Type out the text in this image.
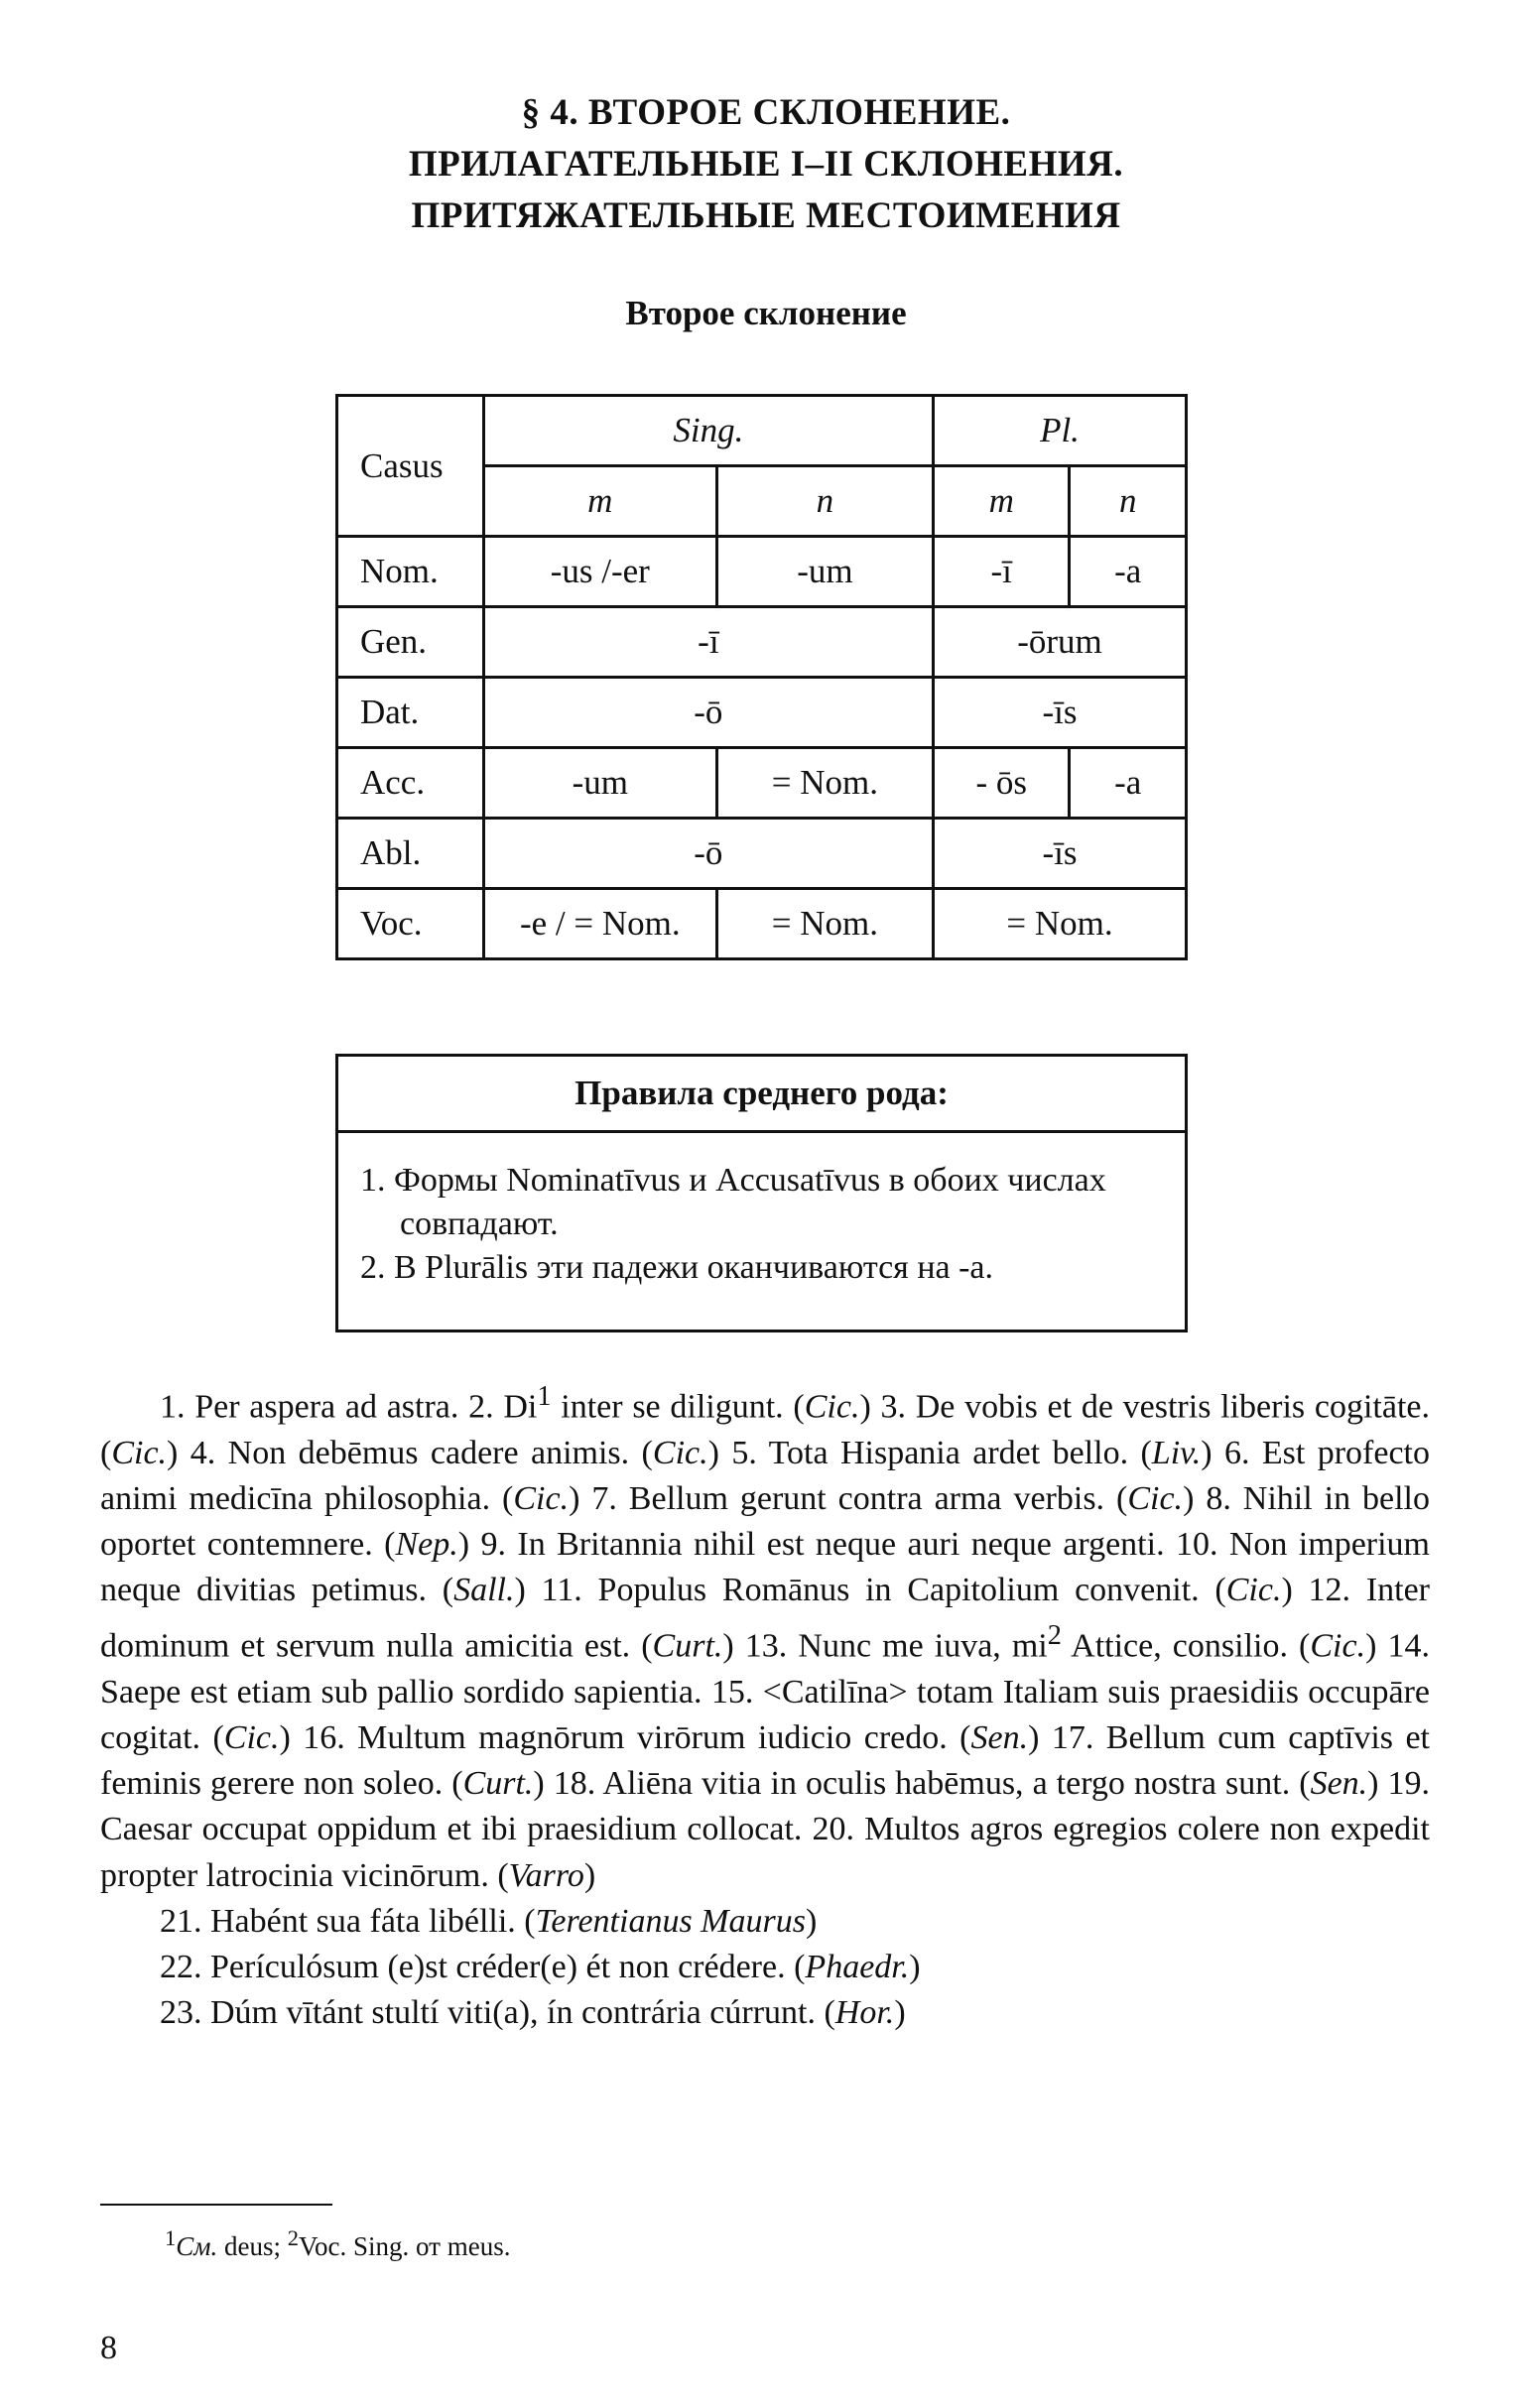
§ 4. ВТОРОЕ СКЛОНЕНИЕ.
ПРИЛАГАТЕЛЬНЫЕ I–II СКЛОНЕНИЯ.
ПРИТЯЖАТЕЛЬНЫЕ МЕСТОИМЕНИЯ
Второе склонение
Casus	Sing.		Pl.	
	m	n	m	n
Nom.	-us /-er	-um	-ī	-a
Gen.	-ī		-ōrum	
Dat.	-ō		-īs	
Acc.	-um	= Nom.	- ōs	-a
Abl.	-ō		-īs	
Voc.	-e / = Nom.	= Nom.	= Nom.	
Правила среднего рода:
1. Формы Nominatīvus и Accusatīvus в обоих числах совпадают.
2. В Plurālis эти падежи оканчиваются на -a.

1. Per aspera ad astra. 2. Di$^1$ inter se diligunt. (Cic.) 3. De vobis et de vestris liberis cogitāte. (Cic.) 4. Non debēmus cadere animis. (Cic.) 5. Tota Hispania ardet bello. (Liv.) 6. Est profecto animi medicīna philosophia. (Cic.) 7. Bellum gerunt contra arma verbis. (Cic.) 8. Nihil in bello oportet contemnere. (Nep.) 9. In Britannia nihil est neque auri neque argenti. 10. Non imperium neque divitias petimus. (Sall.) 11. Populus Romānus in Capitolium convenit. (Cic.) 12. Inter dominum et servum nulla amicitia est. (Curt.) 13. Nunc me iuva, $mi^2$ Attice, consilio. (Cic.) 14. Saepe est etiam sub pallio sordido sapientia. 15. <Catilīna> totam Italiam suis praesidiis occupāre cogitat. (Cic.) 16. Multum magnōrum virōrum iudicio credo. (Sen.) 17. Bellum cum captīvis et feminis gerere non soleo. (Curt.) 18. Aliēna vitia in oculis habēmus, a tergo nostra sunt. (Sen.) 19. Caesar occupat oppidum et ibi praesidium collocat. 20. Multos agros egregios colere non expedit propter latrocinia vicinōrum. (Varro)

21. Habént sua fáta libélli. (Terentianus Maurus)

22. Perículósum (e)st créder(e) ét non crédere. (Phaedr.)

23. Dúm vītánt stultí viti(a), ín contrária cúrrunt. (Hor.)

$^1$См. deus; $^2$Voc. Sing. от meus.
8
